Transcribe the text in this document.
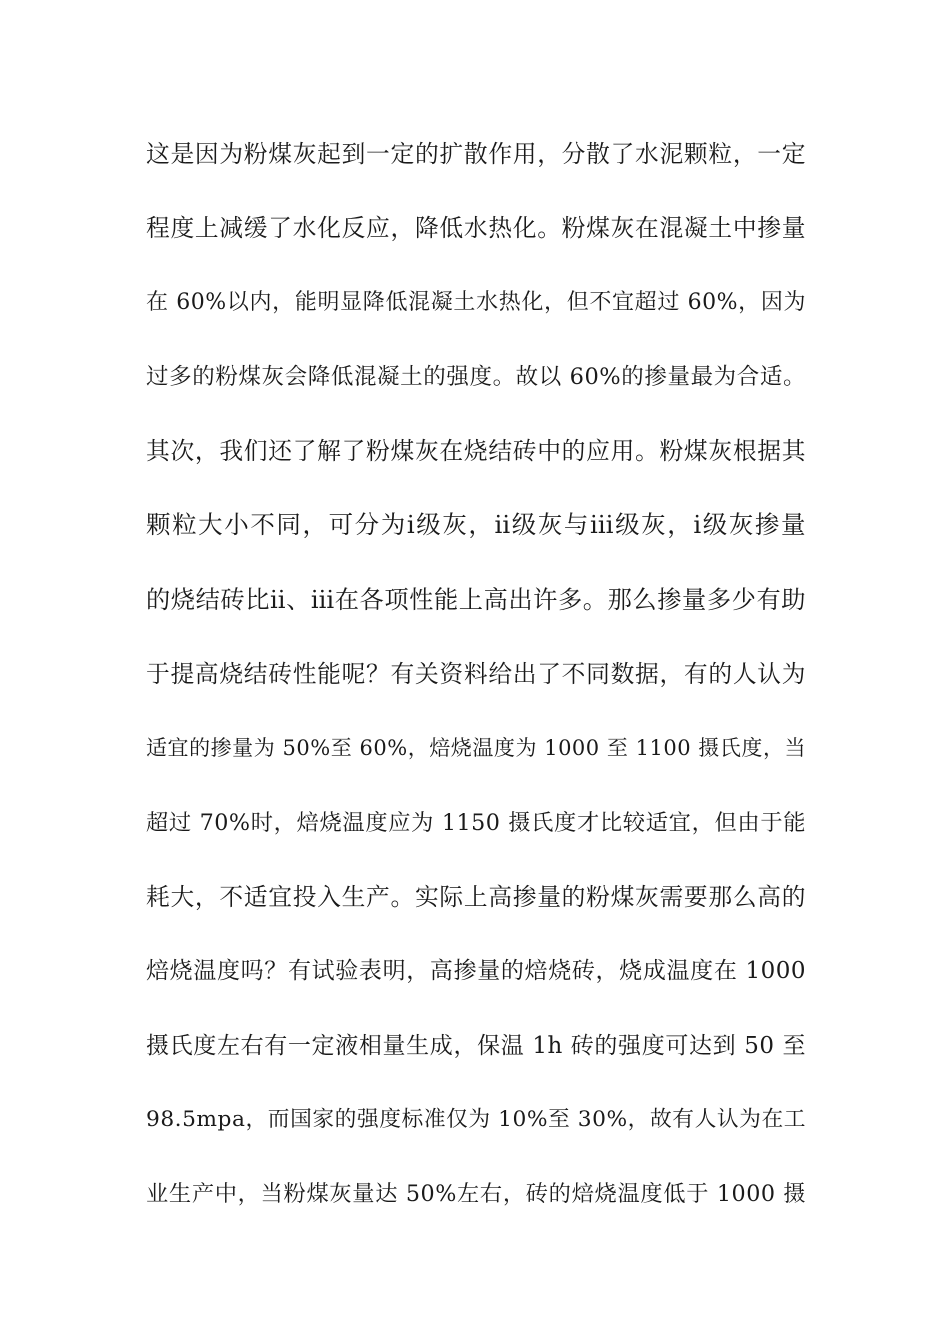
这是因为粉煤灰起到一定的扩散作用，分散了水泥颗粒，一定
程度上减缓了水化反应，降低水热化。粉煤灰在混凝土中掺量
在 60%以内，能明显降低混凝土水热化，但不宜超过 60%，因为
过多的粉煤灰会降低混凝土的强度。故以 60%的掺量最为合适。
其次，我们还了解了粉煤灰在烧结砖中的应用。粉煤灰根据其
颗粒大小不同，可分为ⅰ级灰，ⅱ级灰与ⅲ级灰，ⅰ级灰掺量
的烧结砖比ⅱ、ⅲ在各项性能上高出许多。那么掺量多少有助
于提高烧结砖性能呢？有关资料给出了不同数据，有的人认为
适宜的掺量为 50%至 60%，焙烧温度为 1000 至 1100 摄氏度，当
超过 70%时，焙烧温度应为 1150 摄氏度才比较适宜，但由于能
耗大，不适宜投入生产。实际上高掺量的粉煤灰需要那么高的
焙烧温度吗？有试验表明，高掺量的焙烧砖，烧成温度在 1000
摄氏度左右有一定液相量生成，保温 1h 砖的强度可达到 50 至
98.5mpa，而国家的强度标准仅为 10%至 30%，故有人认为在工
业生产中，当粉煤灰量达 50%左右，砖的焙烧温度低于 1000 摄
